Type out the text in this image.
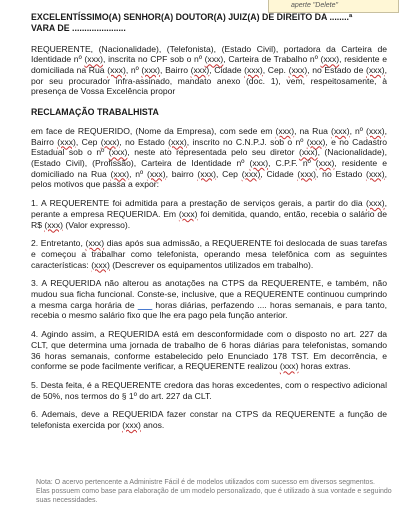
aperte "Delete"

EXCELENTÍSSIMO(A) SENHOR(A) DOUTOR(A) JUIZ(A) DE DIREITO DA ........ª

VARA DE ......................

REQUERENTE, (Nacionalidade), (Telefonista), (Estado Civil), portadora da Carteira de Identidade nº (xxx), inscrita no CPF sob o nº (xxx), Carteira de Trabalho nº (xxx), residente e domiciliada na Rua (xxx), nº (xxx), Bairro (xxx), Cidade (xxx), Cep. (xxx), no Estado de (xxx), por seu procurador infra-assinado, mandato anexo (doc. 1), vem, respeitosamente, à presença de Vossa Excelência propor

RECLAMAÇÃO TRABALHISTA

em face de REQUERIDO, (Nome da Empresa), com sede em (xxx), na Rua (xxx), nº (xxx), Bairro (xxx), Cep (xxx), no Estado (xxx), inscrito no C.N.P.J. sob o nº (xxx), e no Cadastro Estadual sob o nº (xxx), neste ato representada pelo seu diretor (xxx), (Nacionalidade), (Estado Civil), (Profissão), Carteira de Identidade nº (xxx), C.P.F. nº (xxx), residente e domiciliado na Rua (xxx), nº (xxx), bairro (xxx), Cep (xxx), Cidade (xxx), no Estado (xxx), pelos motivos que passa a expor:

1. A REQUERENTE foi admitida para a prestação de serviços gerais, a partir do dia (xxx), perante a empresa REQUERIDA. Em (xxx) foi demitida, quando, então, recebia o salário de R$ (xxx) (Valor expresso).

2. Entretanto, (xxx) dias após sua admissão, a REQUERENTE foi deslocada de suas tarefas e começou a trabalhar como telefonista, operando mesa telefônica com as seguintes características: (xxx) (Descrever os equipamentos utilizados em trabalho).

3. A REQUERIDA não alterou as anotações na CTPS da REQUERENTE, e também, não mudou sua ficha funcional. Conste-se, inclusive, que a REQUERENTE continuou cumprindo a mesma carga horária de ___ horas diárias, perfazendo .... horas semanais, e para tanto, recebia o mesmo salário fixo que lhe era pago pela função anterior.

4. Agindo assim, a REQUERIDA está em desconformidade com o disposto no art. 227 da CLT, que determina uma jornada de trabalho de 6 horas diárias para telefonistas, somando 36 horas semanais, conforme estabelecido pelo Enunciado 178 TST. Em decorrência, e conforme se pode facilmente verificar, a REQUERENTE realizou (xxx) horas extras.

5. Desta feita, é a REQUERENTE credora das horas excedentes, com o respectivo adicional de 50%, nos termos do § 1º do art. 227 da CLT.

6. Ademais, deve a REQUERIDA fazer constar na CTPS da REQUERENTE a função de telefonista exercida por (xxx) anos.

Nota: O acervo pertencente a Administre Fácil é de modelos utilizados com sucesso em diversos segmentos.
Elas possuem como base para elaboração de um modelo personalizado, que é utilizado à sua vontade e seguindo suas necessidades.
